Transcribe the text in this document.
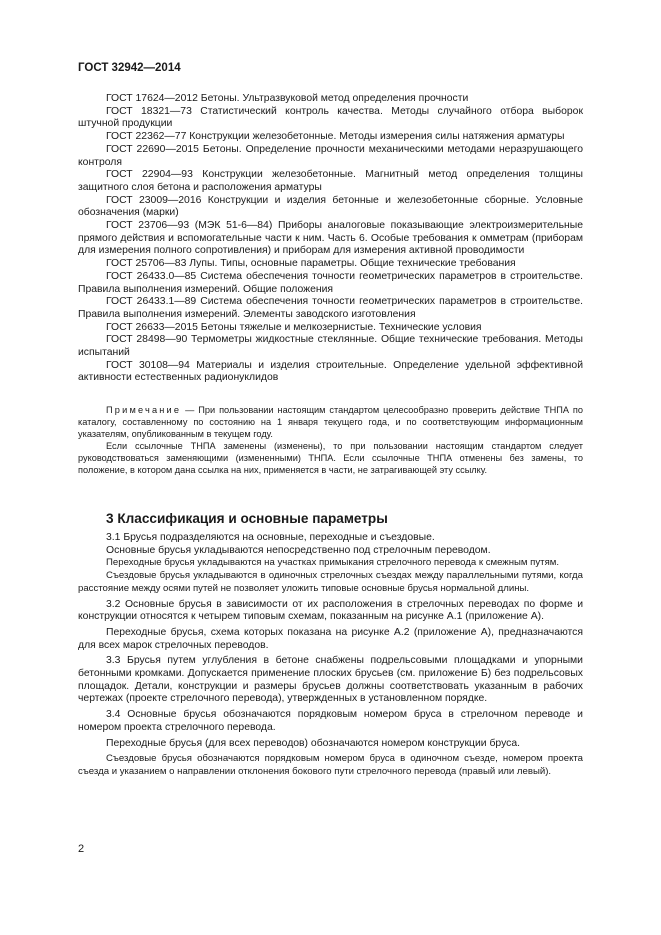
ГОСТ 32942—2014

ГОСТ 17624—2012 Бетоны. Ультразвуковой метод определения прочности

ГОСТ 18321—73 Статистический контроль качества. Методы случайного отбора выборок штучной продукции

ГОСТ 22362—77 Конструкции железобетонные. Методы измерения силы натяжения арматуры

ГОСТ 22690—2015 Бетоны. Определение прочности механическими методами неразрушающего контроля

ГОСТ 22904—93 Конструкции железобетонные. Магнитный метод определения толщины защитного слоя бетона и расположения арматуры

ГОСТ 23009—2016 Конструкции и изделия бетонные и железобетонные сборные. Условные обозначения (марки)

ГОСТ 23706—93 (МЭК 51-6—84) Приборы аналоговые показывающие электроизмерительные прямого действия и вспомогательные части к ним. Часть 6. Особые требования к омметрам (приборам для измерения полного сопротивления) и приборам для измерения активной проводимости

ГОСТ 25706—83 Лупы. Типы, основные параметры. Общие технические требования

ГОСТ 26433.0—85 Система обеспечения точности геометрических параметров в строительстве. Правила выполнения измерений. Общие положения

ГОСТ 26433.1—89 Система обеспечения точности геометрических параметров в строительстве. Правила выполнения измерений. Элементы заводского изготовления

ГОСТ 26633—2015 Бетоны тяжелые и мелкозернистые. Технические условия

ГОСТ 28498—90 Термометры жидкостные стеклянные. Общие технические требования. Методы испытаний

ГОСТ 30108—94 Материалы и изделия строительные. Определение удельной эффективной активности естественных радионуклидов

Примечание — При пользовании настоящим стандартом целесообразно проверить действие ТНПА по каталогу, составленному по состоянию на 1 января текущего года, и по соответствующим информационным указателям, опубликованным в текущем году.

Если ссылочные ТНПА заменены (изменены), то при пользовании настоящим стандартом следует руководствоваться заменяющими (измененными) ТНПА. Если ссылочные ТНПА отменены без замены, то положение, в котором дана ссылка на них, применяется в части, не затрагивающей эту ссылку.

3 Классификация и основные параметры

3.1 Брусья подразделяются на основные, переходные и съездовые.

Основные брусья укладываются непосредственно под стрелочным переводом.

Переходные брусья укладываются на участках примыкания стрелочного перевода к смежным путям.

Съездовые брусья укладываются в одиночных стрелочных съездах между параллельными путями, когда расстояние между осями путей не позволяет уложить типовые основные брусья нормальной длины.

3.2 Основные брусья в зависимости от их расположения в стрелочных переводах по форме и конструкции относятся к четырем типовым схемам, показанным на рисунке А.1 (приложение А).

Переходные брусья, схема которых показана на рисунке А.2 (приложение А), предназначаются для всех марок стрелочных переводов.

3.3 Брусья путем углубления в бетоне снабжены подрельсовыми площадками и упорными бетонными кромками. Допускается применение плоских брусьев (см. приложение Б) без подрельсовых площадок. Детали, конструкции и размеры брусьев должны соответствовать указанным в рабочих чертежах (проекте стрелочного перевода), утвержденных в установленном порядке.

3.4 Основные брусья обозначаются порядковым номером бруса в стрелочном переводе и номером проекта стрелочного перевода.

Переходные брусья (для всех переводов) обозначаются номером конструкции бруса.

Съездовые брусья обозначаются порядковым номером бруса в одиночном съезде, номером проекта съезда и указанием о направлении отклонения бокового пути стрелочного перевода (правый или левый).

2
